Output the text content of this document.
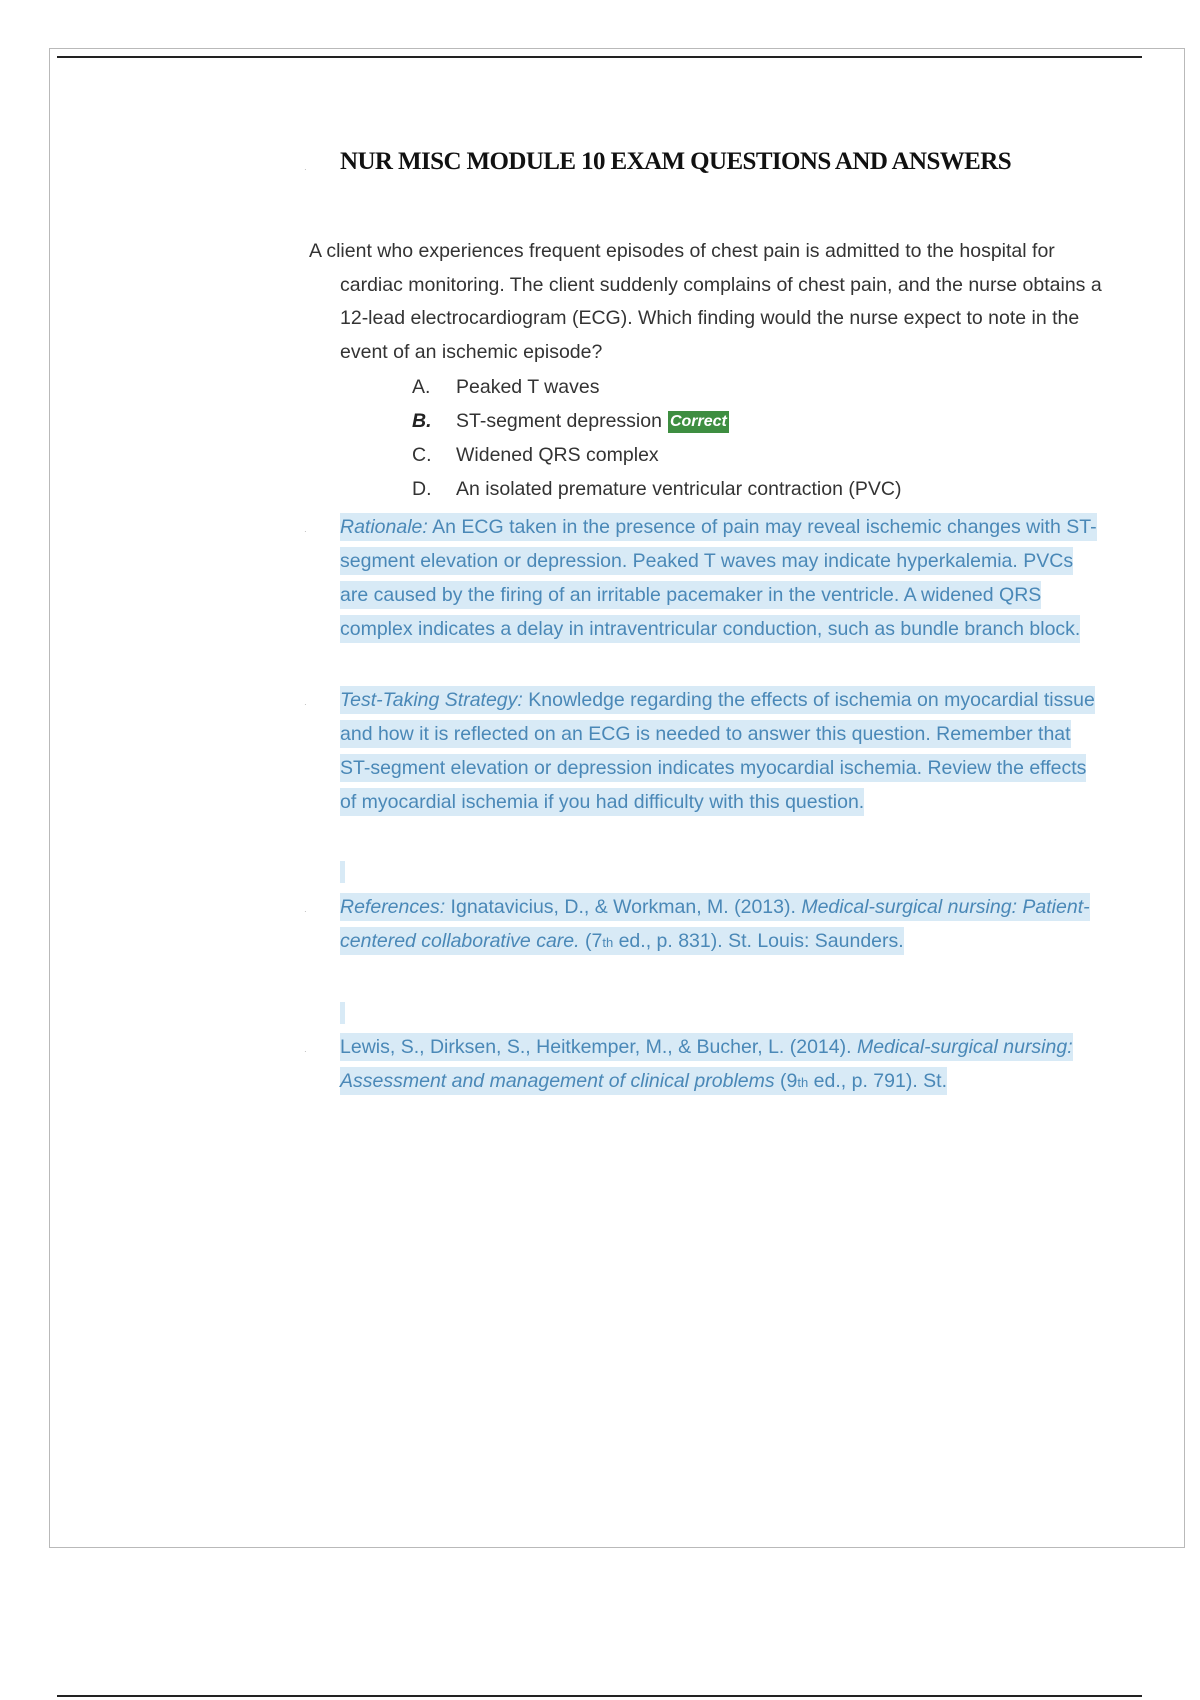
· NUR MISC MODULE 10 EXAM QUESTIONS AND ANSWERS
A client who experiences frequent episodes of chest pain is admitted to the hospital for cardiac monitoring. The client suddenly complains of chest pain, and the nurse obtains a 12-lead electrocardiogram (ECG). Which finding would the nurse expect to note in the event of an ischemic episode?
A.	Peaked T waves
B.	ST-segment depression Correct
C.	Widened QRS complex
D.	An isolated premature ventricular contraction (PVC)
· Rationale: An ECG taken in the presence of pain may reveal ischemic changes with ST-segment elevation or depression. Peaked T waves may indicate hyperkalemia. PVCs are caused by the firing of an irritable pacemaker in the ventricle. A widened QRS complex indicates a delay in intraventricular conduction, such as bundle branch block.
· Test-Taking Strategy: Knowledge regarding the effects of ischemia on myocardial tissue and how it is reflected on an ECG is needed to answer this question. Remember that ST-segment elevation or depression indicates myocardial ischemia. Review the effects of myocardial ischemia if you had difficulty with this question.
· References: Ignatavicius, D., & Workman, M. (2013). Medical-surgical nursing: Patient-centered collaborative care. (7th ed., p. 831). St. Louis: Saunders.
· Lewis, S., Dirksen, S., Heitkemper, M., & Bucher, L. (2014). Medical-surgical nursing: Assessment and management of clinical problems (9th ed., p. 791). St.
